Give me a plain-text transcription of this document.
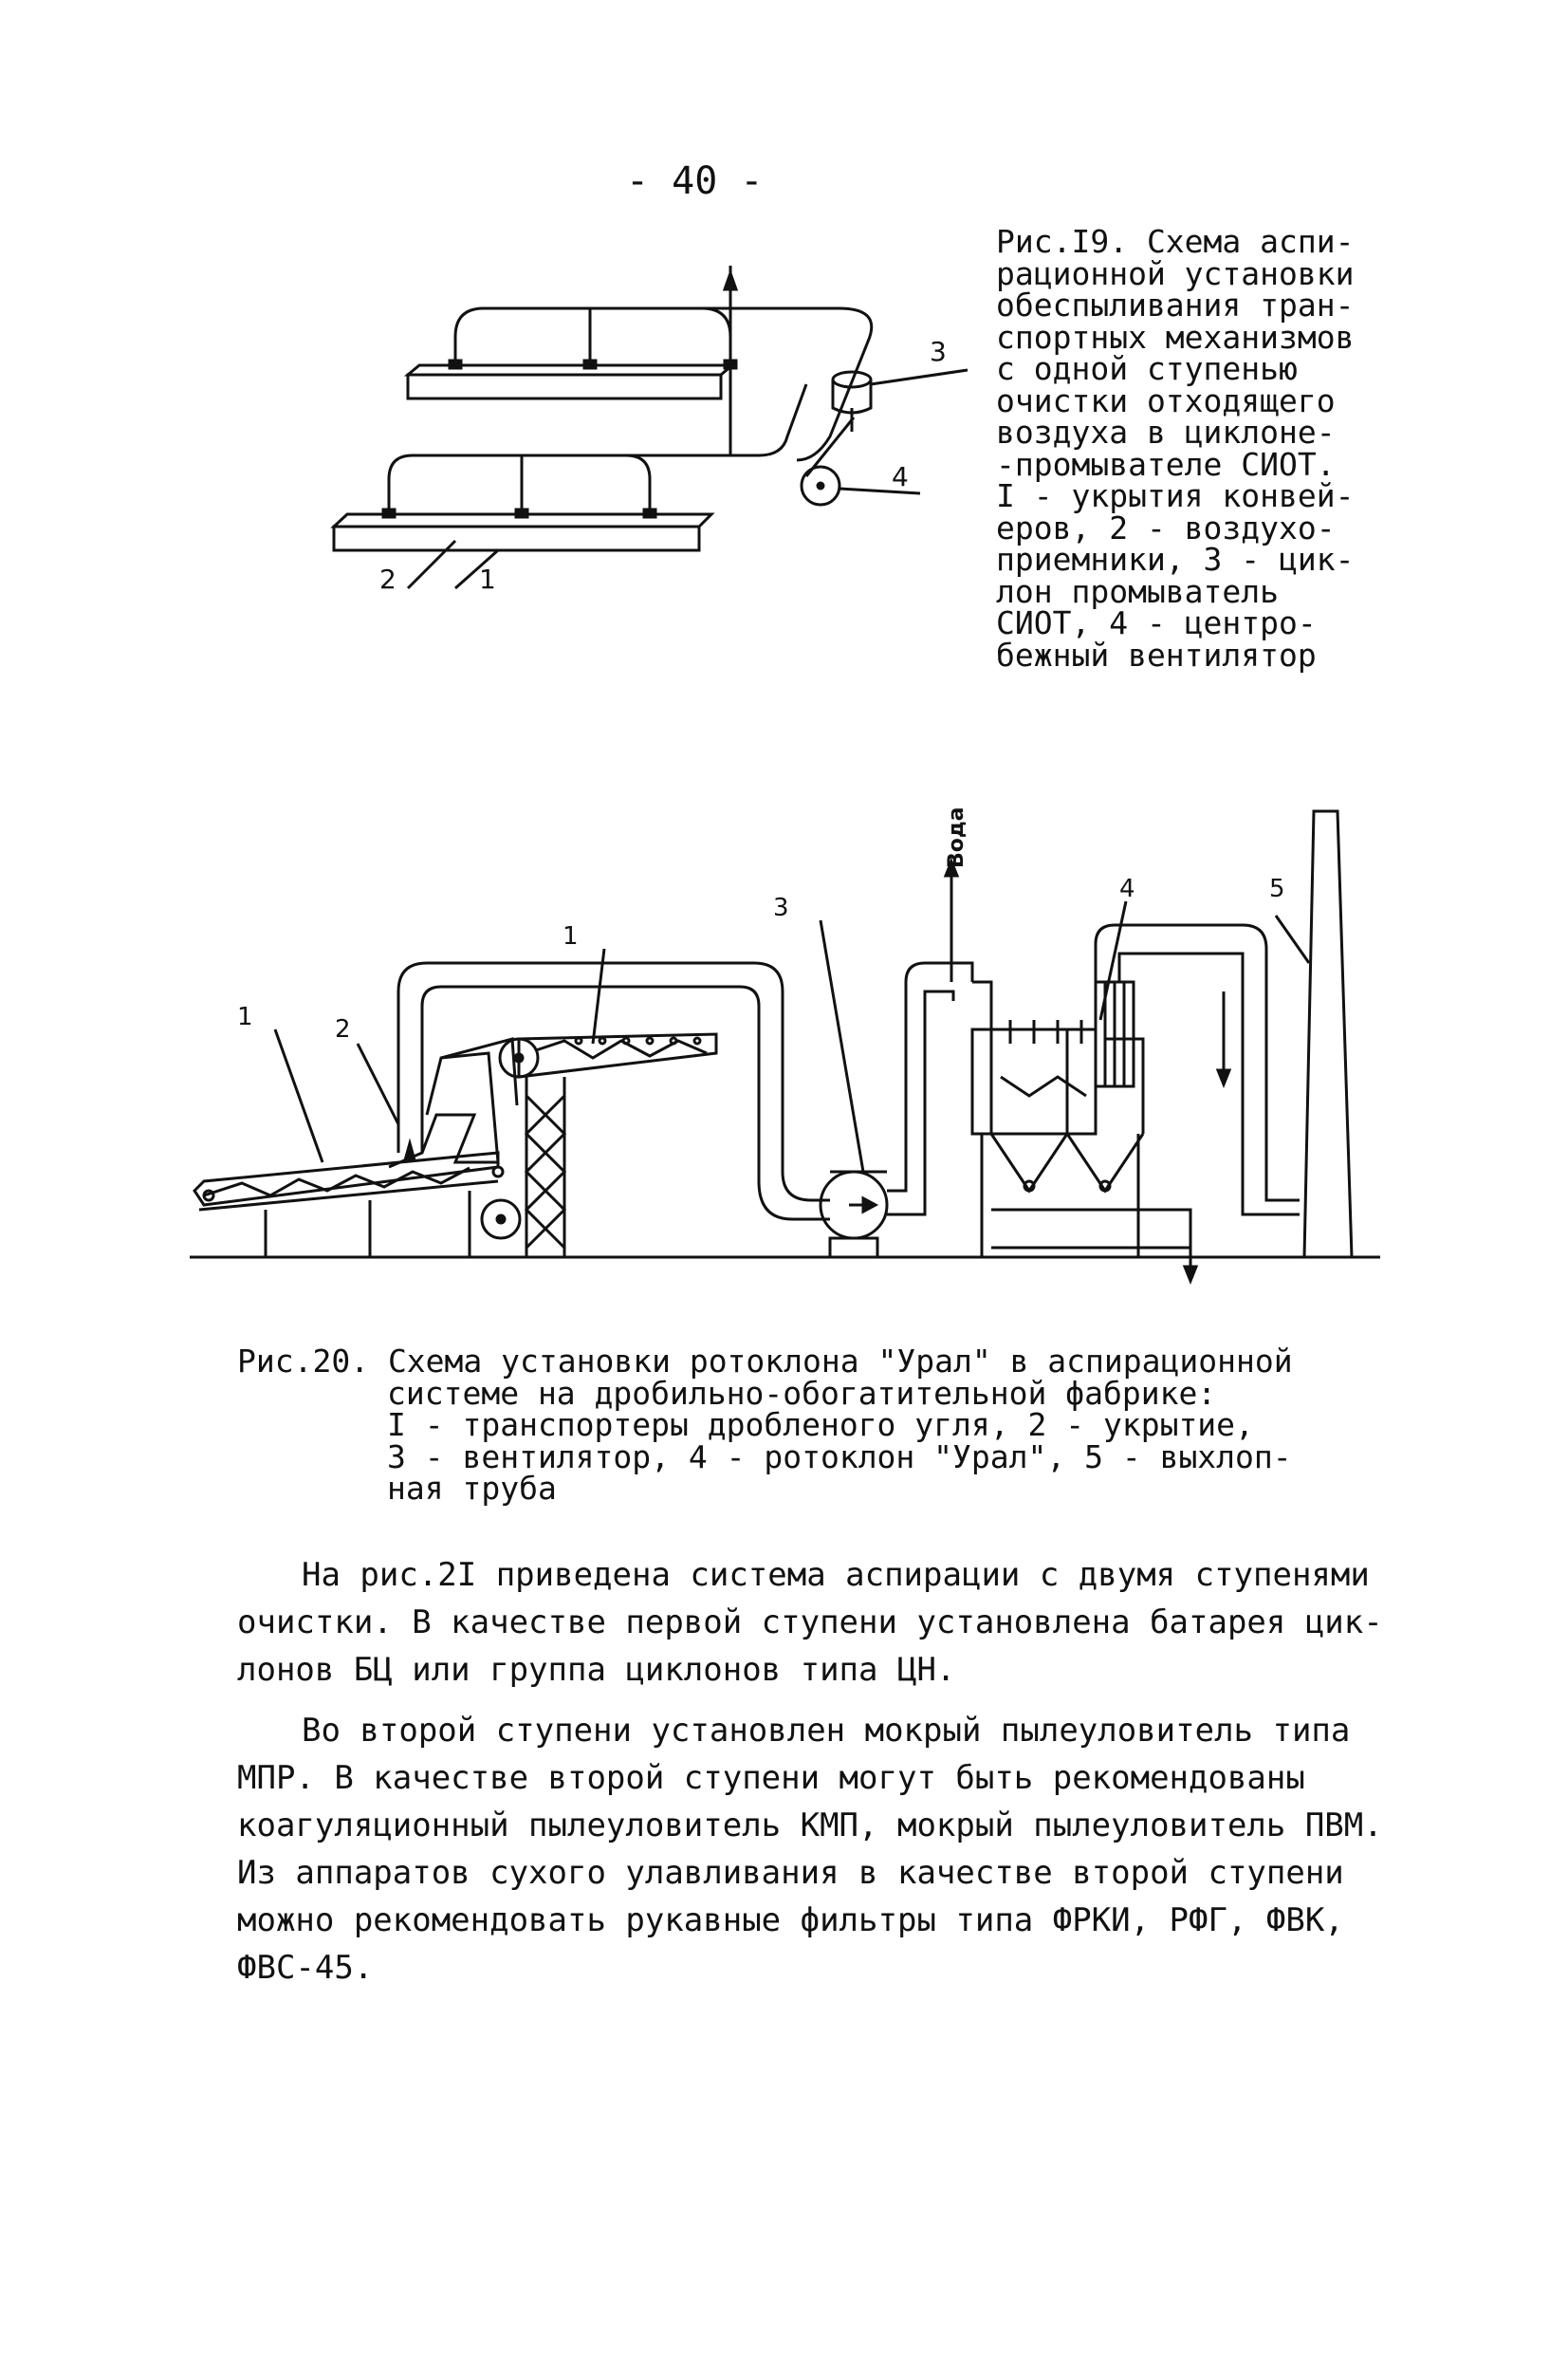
- 40 -
3
4
2	1
Рис.I9. Схема аспи-
рационной установки
обеспыливания тран-
спортных механизмов
с одной ступенью
очистки отходящего
воздуха в циклоне-
-промывателе СИОТ.
I - укрытия конвей-
еров, 2 - воздухо-
приемники, 3 - цик-
лон промыватель
СИОТ, 4 - центро-
бежный вентилятор
1	2
1
3
4	5
Вода
Рис.20. Схема установки ротоклона "Урал" в аспирационной
системе на дробильно-обогатительной фабрике:
I - транспортеры дробленого угля, 2 - укрытие,
3 - вентилятор, 4 - ротоклон "Урал", 5 - выхлоп-
ная труба
На рис.2I приведена система аспирации с двумя ступенями
очистки. В качестве первой ступени установлена батарея цик-
лонов БЦ или группа циклонов типа ЦН.
Во второй ступени установлен мокрый пылеуловитель типа
МПР. В качестве второй ступени могут быть рекомендованы
коагуляционный пылеуловитель КМП, мокрый пылеуловитель ПВМ.
Из аппаратов сухого улавливания в качестве второй ступени
можно рекомендовать рукавные фильтры типа ФРКИ, РФГ, ФВК,
ФВС-45.
